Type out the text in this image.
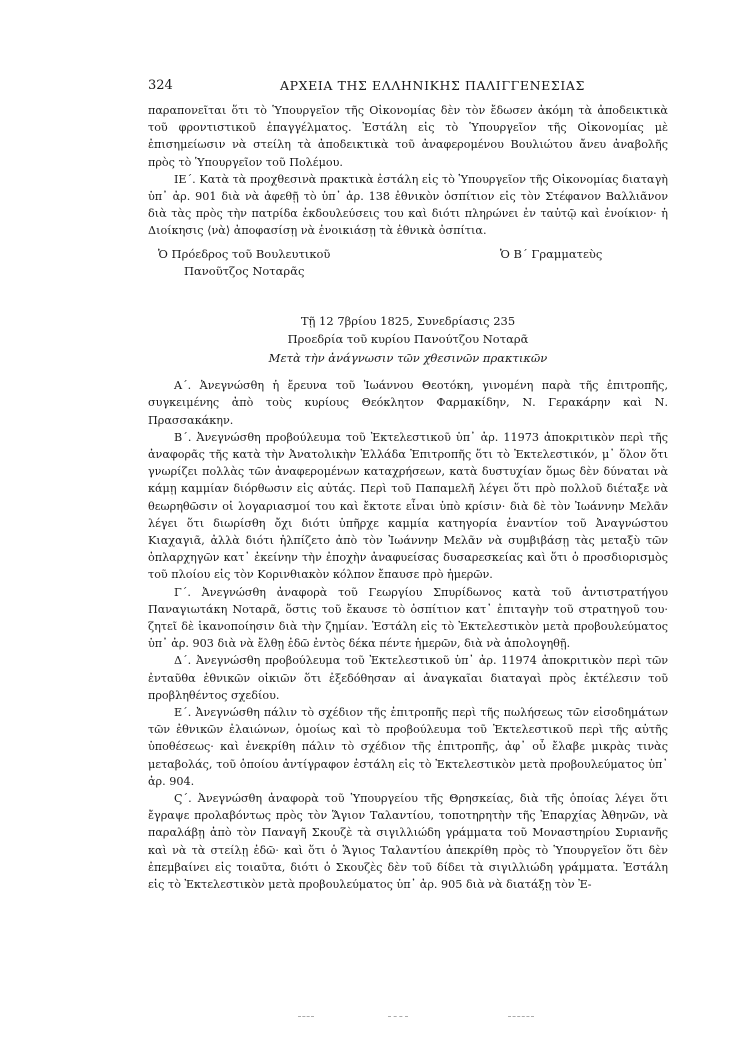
324	ΑΡΧΕΙΑ ΤΗΣ ΕΛΛΗΝΙΚΗΣ ΠΑΛΙΓΓΕΝΕΣΙΑΣ

παραπονεῖται ὅτι τὸ Ὑπουργεῖον τῆς Οἰκονομίας δὲν τὸν ἔδωσεν ἀκόμη τὰ ἀποδεικτικὰ τοῦ φροντιστικοῦ ἐπαγγέλματος. Ἐστάλη εἰς τὸ Ὑπουργεῖον τῆς Οἰκονομίας μὲ ἐπισημείωσιν νὰ στείλη τὰ ἀποδεικτικὰ τοῦ ἀναφερομένου Βουλιώτου ἄνευ ἀναβολῆς πρὸς τὸ Ὑπουργεῖον τοῦ Πολέμου.

ΙΕ΄. Κατὰ τὰ προχθεσινὰ πρακτικὰ ἐστάλη εἰς τὸ Ὑπουργεῖον τῆς Οἰκονομίας διαταγὴ ὑπ᾽ ἀρ. 901 διὰ νὰ ἀφεθῇ τὸ ὑπ᾽ ἀρ. 138 ἐθνικὸν ὀσπίτιον εἰς τὸν Στέφανον Βαλλιᾶνον διὰ τὰς πρὸς τὴν πατρίδα ἐκδουλεύσεις του καὶ διότι πληρώνει ἐν ταὐτῷ καὶ ἐνοίκιον· ἡ Διοίκησις ⟨νὰ⟩ ἀποφασίσῃ νὰ ἐνοικιάσῃ τὰ ἐθνικὰ ὀσπίτια.

Ὁ Πρόεδρος τοῦ Βουλευτικοῦ
Πανοῦτζος Νοταρᾶς
Ὁ Β΄ Γραμματεὺς
Τῇ 12 7βρίου 1825, Συνεδρίασις 235
Προεδρία τοῦ κυρίου Πανούτζου Νοταρᾶ
Μετὰ τὴν ἀνάγνωσιν τῶν χθεσινῶν πρακτικῶν

Α΄. Ἀνεγνώσθη ἡ ἔρευνα τοῦ Ἰωάννου Θεοτόκη, γινομένη παρὰ τῆς ἐπιτροπῆς, συγκειμένης ἀπὸ τοὺς κυρίους Θεόκλητον Φαρμακίδην, Ν. Γερακάρην καὶ Ν. Πρασσακάκην.

Β΄. Ἀνεγνώσθη προβούλευμα τοῦ Ἐκτελεστικοῦ ὑπ᾽ ἀρ. 11973 ἀποκριτικὸν περὶ τῆς ἀναφορᾶς τῆς κατὰ τὴν Ἀνατολικὴν Ἑλλάδα Ἐπιτροπῆς ὅτι τὸ Ἐκτελεστικόν, μ᾽ ὅλον ὅτι γνωρίζει πολλὰς τῶν ἀναφερομένων καταχρήσεων, κατὰ δυστυχίαν ὅμως δὲν δύναται νὰ κάμῃ καμμίαν διόρθωσιν εἰς αὐτάς. Περὶ τοῦ Παπαμελῆ λέγει ὅτι πρὸ πολλοῦ διέταξε νὰ θεωρηθῶσιν οἱ λογαριασμοί του καὶ ἔκτοτε εἶναι ὑπὸ κρίσιν· διὰ δὲ τὸν Ἰωάννην Μελᾶν λέγει ὅτι διωρίσθη ὄχι διότι ὑπῆρχε καμμία κατηγορία ἐναντίον τοῦ Ἀναγνώστου Κιαχαγιᾶ, ἀλλὰ διότι ἠλπίζετο ἀπὸ τὸν Ἰωάννην Μελᾶν νὰ συμβιβάσῃ τὰς μεταξὺ τῶν ὀπλαρχηγῶν κατ᾽ ἐκείνην τὴν ἐποχὴν ἀναφυείσας δυσαρεσκείας καὶ ὅτι ὁ προσδιορισμὸς τοῦ πλοίου εἰς τὸν Κορινθιακὸν κόλπον ἔπαυσε πρὸ ἡμερῶν.

Γ΄. Ἀνεγνώσθη ἀναφορὰ τοῦ Γεωργίου Σπυρίδωνος κατὰ τοῦ ἀντιστρατήγου Παναγιωτάκη Νοταρᾶ, ὅστις τοῦ ἔκαυσε τὸ ὀσπίτιον κατ᾽ ἐπιταγὴν τοῦ στρατηγοῦ του· ζητεῖ δὲ ἱκανοποίησιν διὰ τὴν ζημίαν. Ἐστάλη εἰς τὸ Ἐκτελεστικὸν μετὰ προβουλεύματος ὑπ᾽ ἀρ. 903 διὰ νὰ ἔλθῃ ἐδῶ ἐντὸς δέκα πέντε ἡμερῶν, διὰ νὰ ἀπολογηθῇ.

Δ΄. Ἀνεγνώσθη προβούλευμα τοῦ Ἐκτελεστικοῦ ὑπ᾽ ἀρ. 11974 ἀποκριτικὸν περὶ τῶν ἐνταῦθα ἐθνικῶν οἰκιῶν ὅτι ἐξεδόθησαν αἱ ἀναγκαῖαι διαταγαὶ πρὸς ἐκτέλεσιν τοῦ προβληθέντος σχεδίου.

Ε΄. Ἀνεγνώσθη πάλιν τὸ σχέδιον τῆς ἐπιτροπῆς περὶ τῆς πωλήσεως τῶν εἰσοδημάτων τῶν ἐθνικῶν ἐλαιώνων, ὁμοίως καὶ τὸ προβούλευμα τοῦ Ἐκτελεστικοῦ περὶ τῆς αὐτῆς ὑποθέσεως· καὶ ἐνεκρίθη πάλιν τὸ σχέδιον τῆς ἐπιτροπῆς, ἀφ᾽ οὗ ἔλαβε μικρὰς τινὰς μεταβολάς, τοῦ ὁποίου ἀντίγραφον ἐστάλη εἰς τὸ Ἐκτελεστικὸν μετὰ προβουλεύματος ὑπ᾽ ἀρ. 904.

Ϛ΄. Ἀνεγνώσθη ἀναφορὰ τοῦ Ὑπουργείου τῆς Θρησκείας, διὰ τῆς ὁποίας λέγει ὅτι ἔγραψε προλαβόντως πρὸς τὸν Ἅγιον Ταλαντίου, τοποτηρητὴν τῆς Ἐπαρχίας Ἀθηνῶν, νὰ παραλάβῃ ἀπὸ τὸν Παναγῆ Σκουζὲ τὰ σιγιλλιώδη γράμματα τοῦ Μοναστηρίου Συριανῆς καὶ νὰ τὰ στείλῃ ἐδῶ· καὶ ὅτι ὁ Ἅγιος Ταλαντίου ἀπεκρίθη πρὸς τὸ Ὑπουργεῖον ὅτι δὲν ἐπεμβαίνει εἰς τοιαῦτα, διότι ὁ Σκουζὲς δὲν τοῦ δίδει τὰ σιγιλλιώδη γράμματα. Ἐστάλη εἰς τὸ Ἐκτελεστικὸν μετὰ προβουλεύματος ὑπ᾽ ἀρ. 905 διὰ νὰ διατάξῃ τὸν Ἐ-
